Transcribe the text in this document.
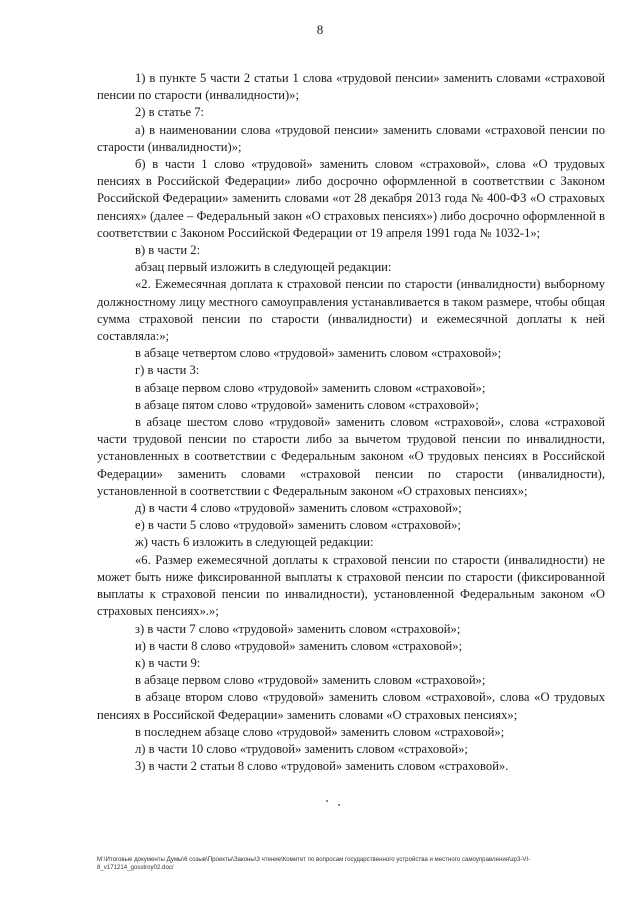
8

1) в пункте 5 части 2 статьи 1 слова «трудовой пенсии» заменить словами «страховой пенсии по старости (инвалидности)»;

2) в статье 7:

а) в наименовании слова «трудовой пенсии» заменить словами «страховой пенсии по старости (инвалидности)»;

б) в части 1 слово «трудовой» заменить словом «страховой», слова «О трудовых пенсиях в Российской Федерации» либо досрочно оформленной в соответствии с Законом Российской Федерации» заменить словами «от 28 декабря 2013 года № 400-ФЗ «О страховых пенсиях» (далее – Федеральный закон «О страховых пенсиях») либо досрочно оформленной в соответствии с Законом Российской Федерации от 19 апреля 1991 года № 1032-1»;

в) в части 2:

абзац первый изложить в следующей редакции:

«2. Ежемесячная доплата к страховой пенсии по старости (инвалидности) выборному должностному лицу местного самоуправления устанавливается в таком размере, чтобы общая сумма страховой пенсии по старости (инвалидности) и ежемесячной доплаты к ней составляла:»;

в абзаце четвертом слово «трудовой» заменить словом «страховой»;

г) в части 3:

в абзаце первом слово «трудовой» заменить словом «страховой»;

в абзаце пятом слово «трудовой» заменить словом «страховой»;

в абзаце шестом слово «трудовой» заменить словом «страховой», слова «страховой части трудовой пенсии по старости либо за вычетом трудовой пенсии по инвалидности, установленных в соответствии с Федеральным законом «О трудовых пенсиях в Российской Федерации» заменить словами «страховой пенсии по старости (инвалидности), установленной в соответствии с Федеральным законом «О страховых пенсиях»;

д) в части 4 слово «трудовой» заменить словом «страховой»;

е) в части 5 слово «трудовой» заменить словом «страховой»;

ж) часть 6 изложить в следующей редакции:

«6. Размер ежемесячной доплаты к страховой пенсии по старости (инвалидности) не может быть ниже фиксированной выплаты к страховой пенсии по старости (фиксированной выплаты к страховой пенсии по инвалидности), установленной Федеральным законом «О страховых пенсиях».»;

з) в части 7 слово «трудовой» заменить словом «страховой»;

и) в части 8 слово «трудовой» заменить словом «страховой»;

к) в части 9:

в абзаце первом слово «трудовой» заменить словом «страховой»;

в абзаце втором слово «трудовой» заменить словом «страховой», слова «О трудовых пенсиях в Российской Федерации» заменить словами «О страховых пенсиях»;

в последнем абзаце слово «трудовой» заменить словом «страховой»;

л) в части 10 слово «трудовой» заменить словом «страховой»;

3) в части 2 статьи 8 слово «трудовой» заменить словом «страховой».

M:\Итоговые документы Думы\6 созыв\Проекты\Законы\3 чтение\Комитет по вопросам государственного устройства и местного самоуправления\зр3-VI-8_v171214_gosstroy02.doc/
